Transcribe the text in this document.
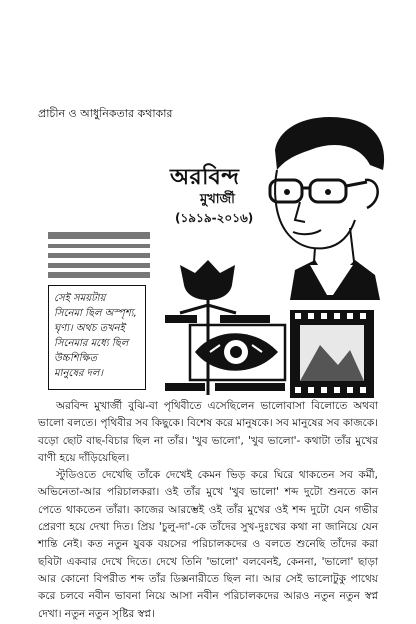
প্রাচীন ও আধুনিকতার কথাকার
অরবিন্দ
মুখার্জী
(১৯১৯-২০১৬)
সেই সময়টায়
সিনেমা ছিল অস্পৃশ্য,
ঘৃণ্য। অথচ তখনই
সিনেমার মধ্যে ছিল
উচ্চশিক্ষিত
মানুষের দল।

অরবিন্দ মুখার্জী বুঝি-বা পৃথিবীতে এসেছিলেন ভালোবাসা বিলোতে অথবা ভালো বলতে। পৃথিবীর সব কিছুকে। বিশেষ করে মানুষকে। সব মানুষের সব কাজকে। বড়ো ছোট বাছ-বিচার ছিল না তাঁর। 'খুব ভালো', 'খুব ভালো'- কথাটা তাঁর মুখের বাণী হয়ে দাঁড়িয়েছিল।

স্টুডিওতে দেখেছি তাঁকে দেখেই কেমন ভিড় করে ঘিরে থাকতেন সব কর্মী, অভিনেতা-আর পরিচালকরা। ওই তাঁর মুখে 'খুব ভালো' শব্দ দুটো শুনতে কান পেতে থাকতেন তাঁরা। কাজের আরম্ভেই ওই তাঁর মুখের ওই শব্দ দুটো যেন গভীর প্রেরণা হয়ে দেখা দিত। প্রিয় 'চুলু-দা'-কে তাঁদের সুখ-দুঃখের কথা না জানিয়ে যেন শান্তি নেই। কত নতুন যুবক বয়সের পরিচালকদের ও বলতে শুনেছি তাঁদের করা ছবিটা একবার দেখে দিতে। দেখে তিনি 'ভালো' বলবেনই, কেননা, 'ভালো' ছাড়া আর কোনো বিপরীত শব্দ তাঁর ডিক্সনারীতে ছিল না। আর সেই ভালোটুকু পাথেয় করে চলবে নবীন ভাবনা নিয়ে আসা নবীন পরিচালকদের আরও নতুন নতুন স্বপ্ন দেখা। নতুন নতুন সৃষ্টির স্বপ্ন।
